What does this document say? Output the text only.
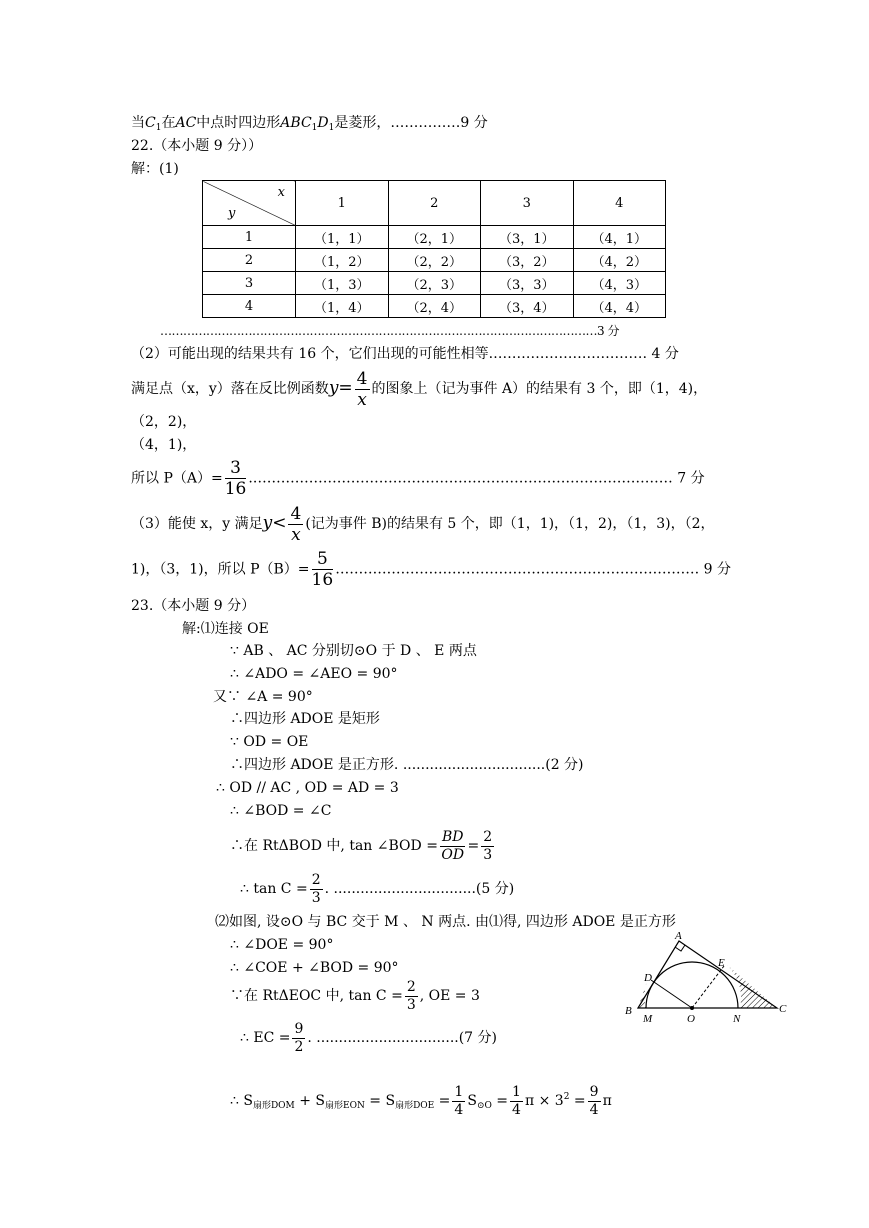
当$C_1$在AC中点时四边形$ABC_1D_1$是菱形，……………9 分
22.（本小题 9 分））
解：(1)
x
y	1	2	3	4
1	（1，1）	（2，1）	（3，1）	（4，1）
2	（1，2）	（2，2）	（3，2）	（4，2）
3	（1，3）	（2，3）	（3，3）	（4，3）
4	（1，4）	（2，4）	（3，4）	（4，4）
……………………………………………………………………………………………………3 分
（2）可能出现的结果共有 16 个，它们出现的可能性相等.…………………………… 4 分
满足点（x，y）落在反比例函数$y= \frac{4}{x}$ 的图象上（记为事件 A）的结果有 3 个，即（1，4)，
（2，2)，
（4，1)，
所以 $P(A)= \frac{3}{16}$ .……………………………………………………………………………… 7 分
（3）能使 x，y 满足$y< \frac{4}{x}$ (记为事件 B)的结果有 5 个，即（1，1)，（1，2)，（1，3)，（2，
1)，（3，1)，所以 $P(B)= \frac{5}{16}$ …………………………………………………………………… 9 分
23.（本小题 9 分）
解:⑴连接 OE
∵ AB 、 AC 分别切⊙O 于 D 、 E 两点
∴ ∠ADO = ∠AEO = 90°
又∵ ∠A = 90°
∴四边形 ADOE 是矩形
∵ OD = OE
∴四边形 ADOE 是正方形. ................................(2 分)
∴ OD // AC , OD = AD = 3
∴ ∠BOD = ∠C
∴在 RtΔBOD 中, tan ∠BOD = $\frac{BD}{OD} = \frac{2}{3}$
∴ $\tan C = \frac{2}{3}$ . ................................(5 分)
⑵如图, 设⊙O 与 BC 交于 M 、 N 两点. 由⑴得, 四边形 ADOE 是正方形
∴ ∠DOE = 90°
∴ ∠COE + ∠BOD = 90°
∵在 RtΔEOC 中, $\tan C = \frac{2}{3}$ , OE = 3
∴ EC = $\frac{9}{2}$ . ................................(7 分)
∴ $S_{扇形DOM} + S_{扇形EON} = S_{扇形DOE} = \frac{1}{4} S_{⊙O} = \frac{1}{4}$ $\pi \times 3^2 = \frac{9}{4}$ π
A
B	C
D
E
M	O	N
